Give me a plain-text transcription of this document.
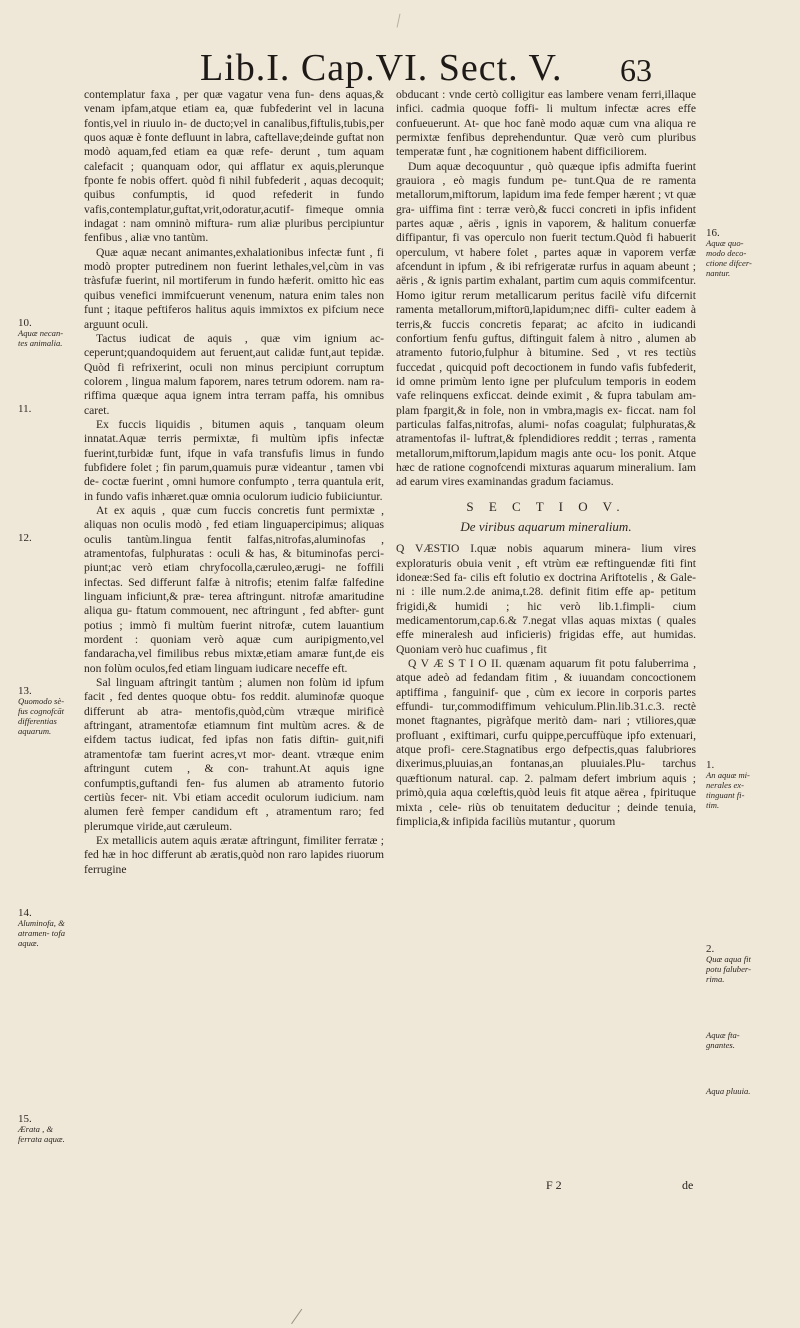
Lib.I. Cap.VI. Sect. V. 63

contemplatur faxa , per quæ vagatur vena fun- dens aquas,& venam ipfam,atque etiam ea, quæ fubfederint vel in lacuna fontis,vel in riuulo in- de ducto;vel in canalibus,fiftulis,tubis,per quos aquæ è fonte defluunt in labra, caftellave;deinde guftat non modò aquam,fed etiam ea quæ refe- derunt , tum aquam calefacit ; quanquam odor, qui afflatur ex aquis,plerunque fponte fe nobis offert. quòd fi nihil fubfederit , aquas decoquit; quibus confumptis, id quod refederit in fundo vafis,contemplatur,guftat,vrit,odoratur,acutif- fimeque omnia indagat : nam omninò miftura- rum aliæ pluribus percipiuntur fenfibus , aliæ vno tantùm.

Quæ aquæ necant animantes,exhalationibus infectæ funt , fi modò propter putredinem non fuerint lethales,vel,cùm in vas tràsfufæ fuerint, nil mortiferum in fundo hæferit. omitto hìc eas quibus venefici immifcuerunt venenum, natura enim tales non funt ; itaque peftiferos halitus aquis immixtos ex pifcium nece arguunt oculi.

Tactus iudicat de aquis , quæ vim ignium ac- ceperunt;quandoquidem aut feruent,aut calidæ funt,aut tepidæ. Quòd fi refrixerint, oculi non minus percipiunt corruptum colorem , lingua malum faporem, nares tetrum odorem. nam ra- riffima quæque aqua ignem intra terram paffa, his omnibus caret.

Ex fuccis liquidis , bitumen aquis , tanquam oleum innatat.Aquæ terris permixtæ, fi multùm ipfis infectæ fuerint,turbidæ funt, ifque in vafa transfufis limus in fundo fubfidere folet ; fin parum,quamuis puræ videantur , tamen vbi de- coctæ fuerint , omni humore confumpto , terra quantula erit, in fundo vafis inhæret.quæ omnia oculorum iudicio fubiiciuntur.

At ex aquis , quæ cum fuccis concretis funt permixtæ , aliquas non oculis modò , fed etiam linguapercipimus; aliquas oculis tantùm.lingua fentit falfas,nitrofas,aluminofas , atramentofas, fulphuratas : oculi & has, & bituminofas perci- piunt;ac verò etiam chryfocolla,cæruleo,ærugi- ne foffili infectas. Sed differunt falfæ à nitrofis; etenim falfæ falfedine linguam inficiunt,& præ- terea aftringunt. nitrofæ amaritudine aliqua gu- ftatum commouent, nec aftringunt , fed abfter- gunt potius ; immò fi multùm fuerint nitrofæ, cutem lauantium mordent : quoniam verò aquæ cum auripigmento,vel fandaracha,vel fimilibus rebus mixtæ,etiam amaræ funt,de eis non folùm oculos,fed etiam linguam iudicare neceffe eft.

Sal linguam aftringit tantùm ; alumen non folùm id ipfum facit , fed dentes quoque obtu- fos reddit. aluminofæ quoque differunt ab atra- mentofis,quòd,cùm vtræque mirificè aftringant, atramentofæ etiamnum fint multùm acres. & de eifdem tactus iudicat, fed ipfas non fatis diftin- guit,nifi atramentofæ tam fuerint acres,vt mor- deant. vtræque enim aftringunt cutem , & con- trahunt.At aquis igne confumptis,guftandi fen- fus alumen ab atramento futorio certiùs fecer- nit. Vbi etiam accedit oculorum iudicium. nam alumen ferè femper candidum eft , atramentum raro; fed plerumque viride,aut cæruleum.

Ex metallicis autem aquis æratæ aftringunt, fimiliter ferratæ ; fed hæ in hoc differunt ab æratis,quòd non raro lapides riuorum ferrugine

obducant : vnde certò colligitur eas lambere venam ferri,illaque infici. cadmia quoque foffi- li multum infectæ acres effe confueuerunt. At- que hoc fanè modo aquæ cum vna aliqua re permixtæ fenfibus deprehenduntur. Quæ verò cum pluribus temperatæ funt , hæ cognitionem habent difficiliorem.

Dum aquæ decoquuntur , quò quæque ipfis admifta fuerint grauiora , eò magis fundum pe- tunt.Qua de re ramenta metallorum,miftorum, lapidum ima fede femper hærent ; vt quæ gra- uiffima fint : terræ verò,& fucci concreti in ipfis infident partes aquæ , aëris , ignis in vaporem, & halitum conuerfæ diffipantur, fi vas operculo non fuerit tectum.Quòd fi habuerit operculum, vt habere folet , partes aquæ in vaporem verfæ afcendunt in ipfum , & ibi refrigeratæ rurfus in aquam abeunt ; aëris , & ignis partim exhalant, partim cum aquis commifcentur. Homo igitur rerum metallicarum peritus facilè vifu difcernit ramenta metallorum,miftorū,lapidum;nec diffi- culter eadem à terris,& fuccis concretis feparat; ac afcito in iudicandi confortium fenfu guftus, diftinguit falem à nitro , alumen ab atramento futorio,fulphur à bitumine. Sed , vt res tectiùs fuccedat , quicquid poft decoctionem in fundo vafis fubfederit, id omne primùm lento igne per plufculum temporis in eodem vafe relinquens exficcat. deinde eximit , & fupra tabulam am- plam fpargit,& in fole, non in vmbra,magis ex- ficcat. nam fol particulas falfas,nitrofas, alumi- nofas coagulat; fulphuratas,& atramentofas il- luftrat,& fplendidiores reddit ; terras , ramenta metallorum,miftorum,lapidum magis ante ocu- los ponit. Atque hæc de ratione cognofcendi mixturas aquarum mineralium. Iam ad earum vires examinandas gradum faciamus.

S E C T I O V.
De viribus aquarum mineralium.

Q VÆSTIO I.quæ nobis aquarum minera- lium vires exploraturis obuia venit , eft vtrùm eæ reftinguendæ fiti fint idoneæ:Sed fa- cilis eft folutio ex doctrina Ariftotelis , & Gale- ni : ille num.2.de anima,t.28. definit fitim effe ap- petitum frigidi,& humidi ; hic verò lib.1.fimpli- cium medicamentorum,cap.6.& 7.negat vllas aquas mixtas ( quales effe mineralesh aud inficieris) frigidas effe, aut humidas. Quoniam verò huc cuafimus , fit

Q V Æ S T I O II. quænam aquarum fit potu faluberrima , atque adeò ad fedandam fitim , & iuuandam concoctionem aptiffima , fanguinif- que , cùm ex iecore in corporis partes effundi- tur,commodiffimum vehiculum.Plin.lib.31.c.3. rectè monet ftagnantes, pigràfque meritò dam- nari ; vtiliores,quæ profluant , exiftimari, curfu quippe,percuffùque ipfo extenuari, atque profi- cere.Stagnatibus ergo defpectis,quas falubriores dixerimus,pluuias,an fontanas,an pluuiales.Plu- tarchus quæftionum natural. cap. 2. palmam defert imbrium aquis ; primò,quia aqua cœleftis,quòd leuis fit atque aërea , fpirituque mixta , cele- riùs ob tenuitatem deducitur ; deinde tenuia, fimplicia,& infipida faciliùs mutantur , quorum

10.
Aquæ necan- tes animalia.
11.
12.
13.
Quomodo sè- fus cognofcāt differentias aquarum.
14.
Aluminofa, & atramen- tofa aquæ.
15.
Ærata , & ferrata aquæ.
16.
Aquæ quo- modo deco- ctione difcer- nantur.
1.
An aquæ mi- nerales ex- tinguant fi- tim.
2.
Quæ aqua fit potu faluber- rima.
Aquæ fta- gnantes.
Aqua pluuia.
F 2	de
